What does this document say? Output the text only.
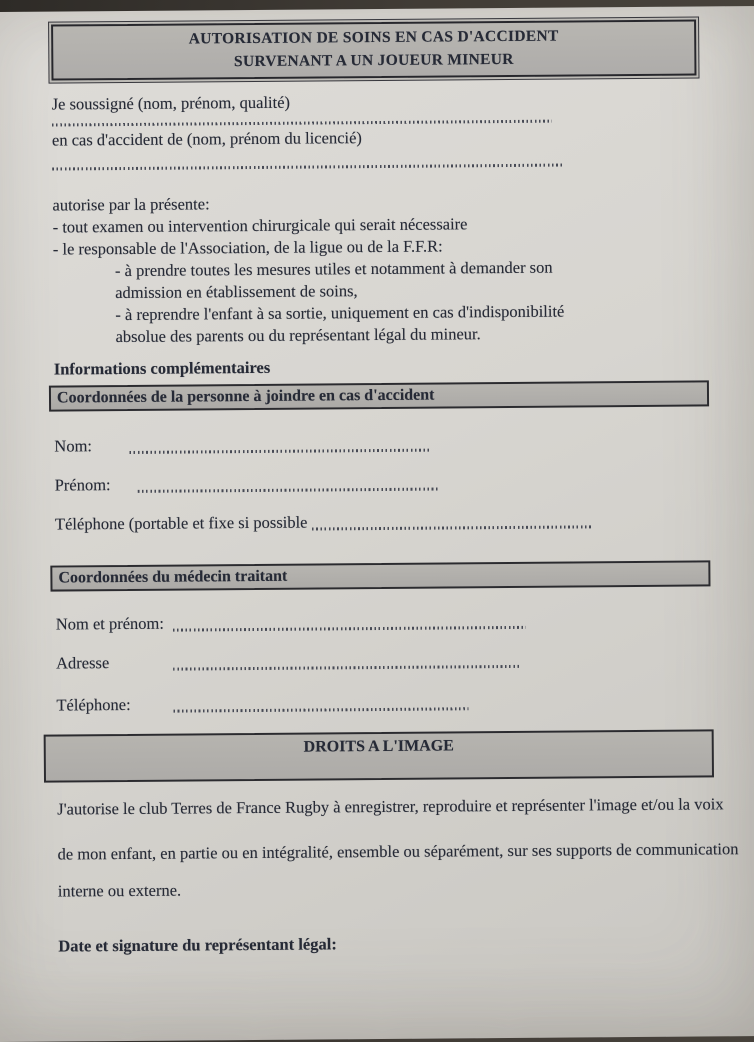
AUTORISATION DE SOINS EN CAS D'ACCIDENT
SURVENANT A UN JOUEUR MINEUR
Je soussigné (nom, prénom, qualité)
en cas d'accident de (nom, prénom du licencié)
autorise par la présente:
- tout examen ou intervention chirurgicale qui serait nécessaire
- le responsable de l'Association, de la ligue ou de la F.F.R:
- à prendre toutes les mesures utiles et notamment à demander son
admission en établissement de soins,
- à reprendre l'enfant à sa sortie, uniquement en cas d'indisponibilité
absolue des parents ou du représentant légal du mineur.
Informations complémentaires
Coordonnées de la personne à joindre en cas d'accident
Nom:
Prénom:
Téléphone (portable et fixe si possible
Coordonnées du médecin traitant
Nom et prénom:
Adresse
Téléphone:
DROITS A L'IMAGE
J'autorise le club Terres de France Rugby à enregistrer, reproduire et représenter l'image et/ou la voix
de mon enfant, en partie ou en intégralité, ensemble ou séparément, sur ses supports de communication
interne ou externe.
Date et signature du représentant légal:
